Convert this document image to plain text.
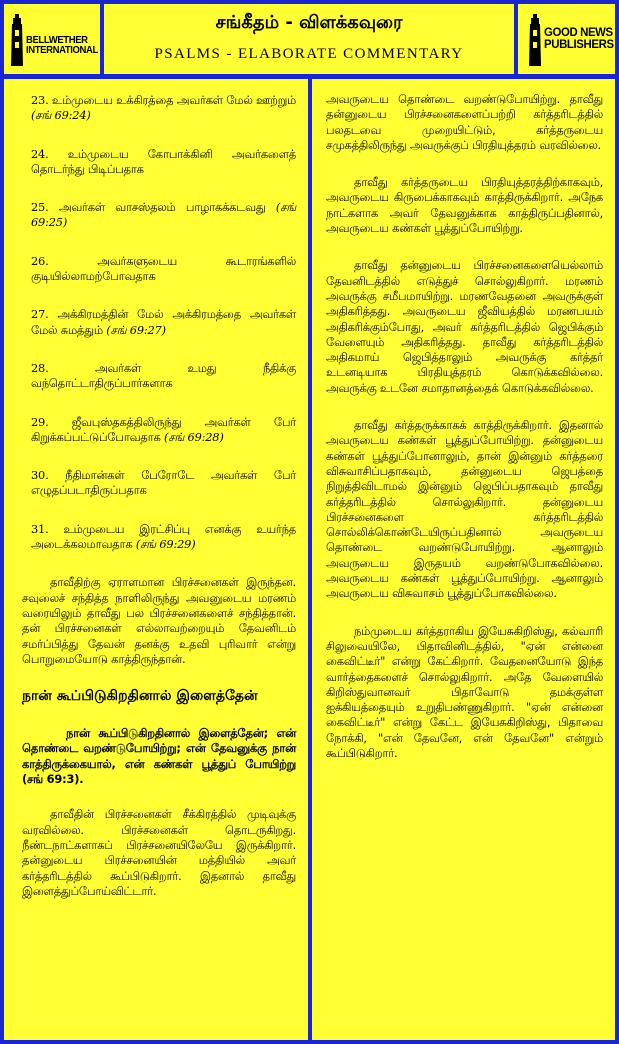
BELLWETHER
INTERNATIONAL
சங்கீதம் - விளக்கவுரை
PSALMS - ELABORATE COMMENTARY
GOOD NEWS
PUBLISHERS

23. உம்முடைய உக்கிரத்தை அவர்கள் மேல் ஊற்றும் (சங் 69:24)

24. உம்முடைய கோபாக்கினி அவர்களைத் தொடர்ந்து பிடிப்பதாக

25. அவர்கள் வாசஸ்தலம் பாழாகக்கடவது (சங் 69:25)

26. அவர்களுடைய கூடாரங்களில் குடியில்லாமற்போவதாக

27. அக்கிரமத்தின் மேல் அக்கிரமத்தை அவர்கள் மேல் சுமத்தும் (சங் 69:27)

28. அவர்கள் உமது நீதிக்கு வந்தொட்டாதிருப்பார்களாக

29. ஜீவபுஸ்தகத்திலிருந்து அவர்கள் பேர் கிறுக்கப்பட்டுப்போவதாக (சங் 69:28)

30. நீதிமான்கள் பேரோடே அவர்கள் பேர் எழுதப்படாதிருப்பதாக

31. உம்முடைய இரட்சிப்பு எனக்கு உயர்ந்த அடைக்கலமாவதாக (சங் 69:29)

தாவீதிற்கு ஏராளமான பிரச்சனைகள் இருந்தன. சவுலைச் சந்தித்த நாளிலிருந்து அவனுடைய மரணம் வரையிலும் தாவீது பல பிரச்சனைகளைச் சந்தித்தான். தன் பிரச்சனைகள் எல்லாவற்றையும் தேவனிடம் சமர்ப்பித்து தேவன் தனக்கு உதவி புரிவார் என்று பொறுமையோடு காத்திருந்தான்.

நான் கூப்பிடுகிறதினால் இளைத்தேன்

நான் கூப்பிடுகிறதினால் இளைத்தேன்; என் தொண்டை வறண்டுபோயிற்று; என் தேவனுக்கு நான் காத்திருக்கையால், என் கண்கள் பூத்துப் போயிற்று (சங் 69:3).

தாவீதின் பிரச்சனைகள் சீக்கிரத்தில் முடிவுக்கு வரவில்லை. பிரச்சனைகள் தொடருகிறது. நீண்டநாட்களாகப் பிரச்சனையிலேயே இருக்கிறார். தன்னுடைய பிரச்சனையின் மத்தியில் அவர் கர்த்தரிடத்தில் கூப்பிடுகிறார். இதனால் தாவீது இளைத்துப்போய்விட்டார்.

அவருடைய தொண்டை வறண்டுபோயிற்று. தாவீது தன்னுடைய பிரச்சனைகளைப்பற்றி கர்த்தரிடத்தில் பலதடவை முறையிட்டும், கர்த்தருடைய சமுகத்திலிருந்து அவருக்குப் பிரதியுத்தரம் வரவில்லை.

தாவீது கர்த்தருடைய பிரதியுத்தரத்திற்காகவும், அவருடைய கிருபைக்காகவும் காத்திருக்கிறார். அநேக நாட்களாக அவர் தேவனுக்காக காத்திருப்பதினால், அவருடைய கண்கள் பூத்துப்போயிற்று.

தாவீது தன்னுடைய பிரச்சனைகளையெல்லாம் தேவனிடத்தில் எடுத்துச் சொல்லுகிறார். மரணம் அவருக்கு சமீபமாயிற்று. மரணவேதனை அவருக்குள் அதிகரித்தது. அவருடைய ஜீவியத்தில் மரணபயம் அதிகரிக்கும்போது, அவர் கர்த்தரிடத்தில் ஜெபிக்கும் வேளையும் அதிகரித்தது. தாவீது கர்த்தரிடத்தில் அதிகமாய் ஜெபித்தாலும் அவருக்கு கர்த்தர் உடனடியாக பிரதியுத்தரம் கொடுக்கவில்லை. அவருக்கு உடனே சமாதானத்தைக் கொடுக்கவில்லை.

தாவீது கர்த்தருக்காகக் காத்திருக்கிறார். இதனால் அவருடைய கண்கள் பூத்துப்போயிற்று. தன்னுடைய கண்கள் பூத்துப்போனாலும், தான் இன்னும் கர்த்தரை விசுவாசிப்பதாகவும், தன்னுடைய ஜெபத்தை நிறுத்திவிடாமல் இன்னும் ஜெபிப்பதாகவும் தாவீது கர்த்தரிடத்தில் சொல்லுகிறார். தன்னுடைய பிரச்சனைகளை கர்த்தரிடத்தில் சொல்லிக்கொண்டேயிருப்பதினால் அவருடைய தொண்டை வறண்டுபோயிற்று. ஆனாலும் அவருடைய இருதயம் வறண்டுபோகவில்லை. அவருடைய கண்கள் பூத்துப்போயிற்று. ஆனாலும் அவருடைய விசுவாசம் பூத்துப்போகவில்லை.

நம்முடைய கர்த்தராகிய இயேசுகிறிஸ்து, கல்வாரி சிலுவையிலே, பிதாவினிடத்தில், "ஏன் என்னை கைவிட்டீர்" என்று கேட்கிறார். வேதனையோடு இந்த வார்த்தைகளைச் சொல்லுகிறார். அதே வேளையில் கிறிஸ்துவானவர் பிதாவோடு தமக்குள்ள ஐக்கியத்தையும் உறுதிபண்ணுகிறார். "ஏன் என்னை கைவிட்டீர்" என்று கேட்ட இயேசுகிறிஸ்து, பிதாவை நோக்கி, "என் தேவனே, என் தேவனே" என்றும் கூப்பிடுகிறார்.
